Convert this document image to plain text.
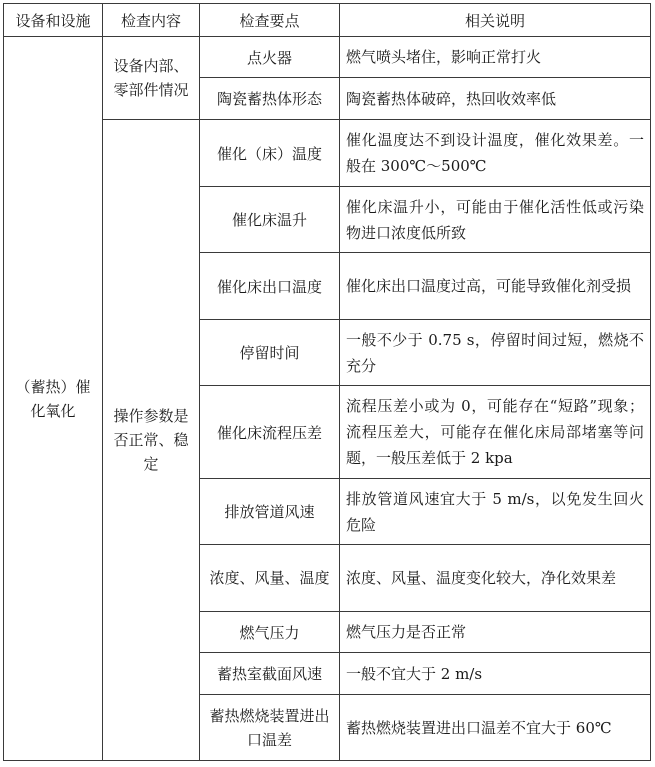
设备和设施	检查内容	检查要点	相关说明
（蓄热）催化氧化	设备内部、零部件情况	点火器	燃气喷头堵住，影响正常打火
		陶瓷蓄热体形态	陶瓷蓄热体破碎，热回收效率低
	操作参数是否正常、稳定	催化（床）温度	催化温度达不到设计温度，催化效果差。一般在 300℃～500℃
		催化床温升	催化床温升小，可能由于催化活性低或污染物进口浓度低所致
		催化床出口温度	催化床出口温度过高，可能导致催化剂受损
		停留时间	一般不少于 0.75 s，停留时间过短，燃烧不充分
		催化床流程压差	流程压差小或为 0，可能存在“短路”现象；流程压差大，可能存在催化床局部堵塞等问题，一般压差低于 2 kpa
		排放管道风速	排放管道风速宜大于 5 m/s，以免发生回火危险
		浓度、风量、温度	浓度、风量、温度变化较大，净化效果差
		燃气压力	燃气压力是否正常
		蓄热室截面风速	一般不宜大于 2 m/s
		蓄热燃烧装置进出口温差	蓄热燃烧装置进出口温差不宜大于 60℃
